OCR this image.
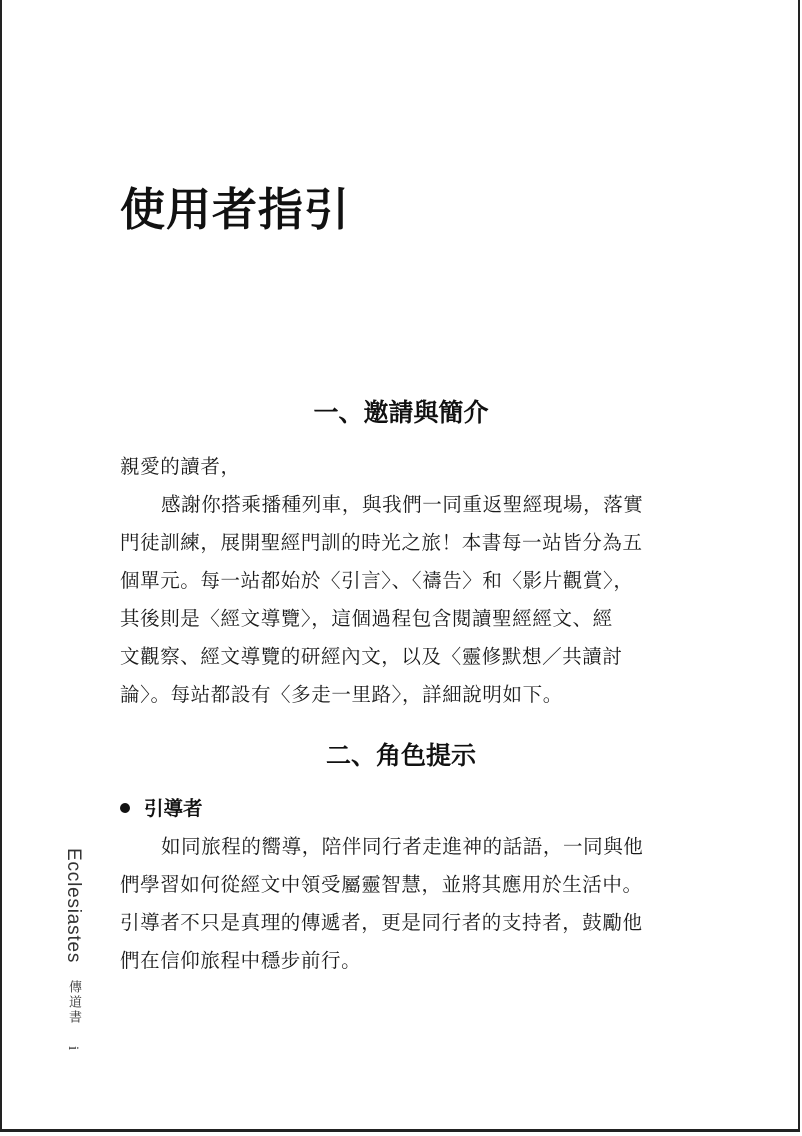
使用者指引
一、邀請與簡介
親愛的讀者，
感謝你搭乘播種列車，與我們一同重返聖經現場，落實
門徒訓練，展開聖經門訓的時光之旅！本書每一站皆分為五
個單元。每一站都始於〈引言〉、〈禱告〉和〈影片觀賞〉，
其後則是〈經文導覽〉，這個過程包含閱讀聖經經文、經
文觀察、經文導覽的研經內文，以及〈靈修默想／共讀討
論〉。每站都設有〈多走一里路〉，詳細說明如下。
二、角色提示
引導者
如同旅程的嚮導，陪伴同行者走進神的話語，一同與他
們學習如何從經文中領受屬靈智慧，並將其應用於生活中。
引導者不只是真理的傳遞者，更是同行者的支持者，鼓勵他
們在信仰旅程中穩步前行。
Ecclesiastes 傳道書 i
